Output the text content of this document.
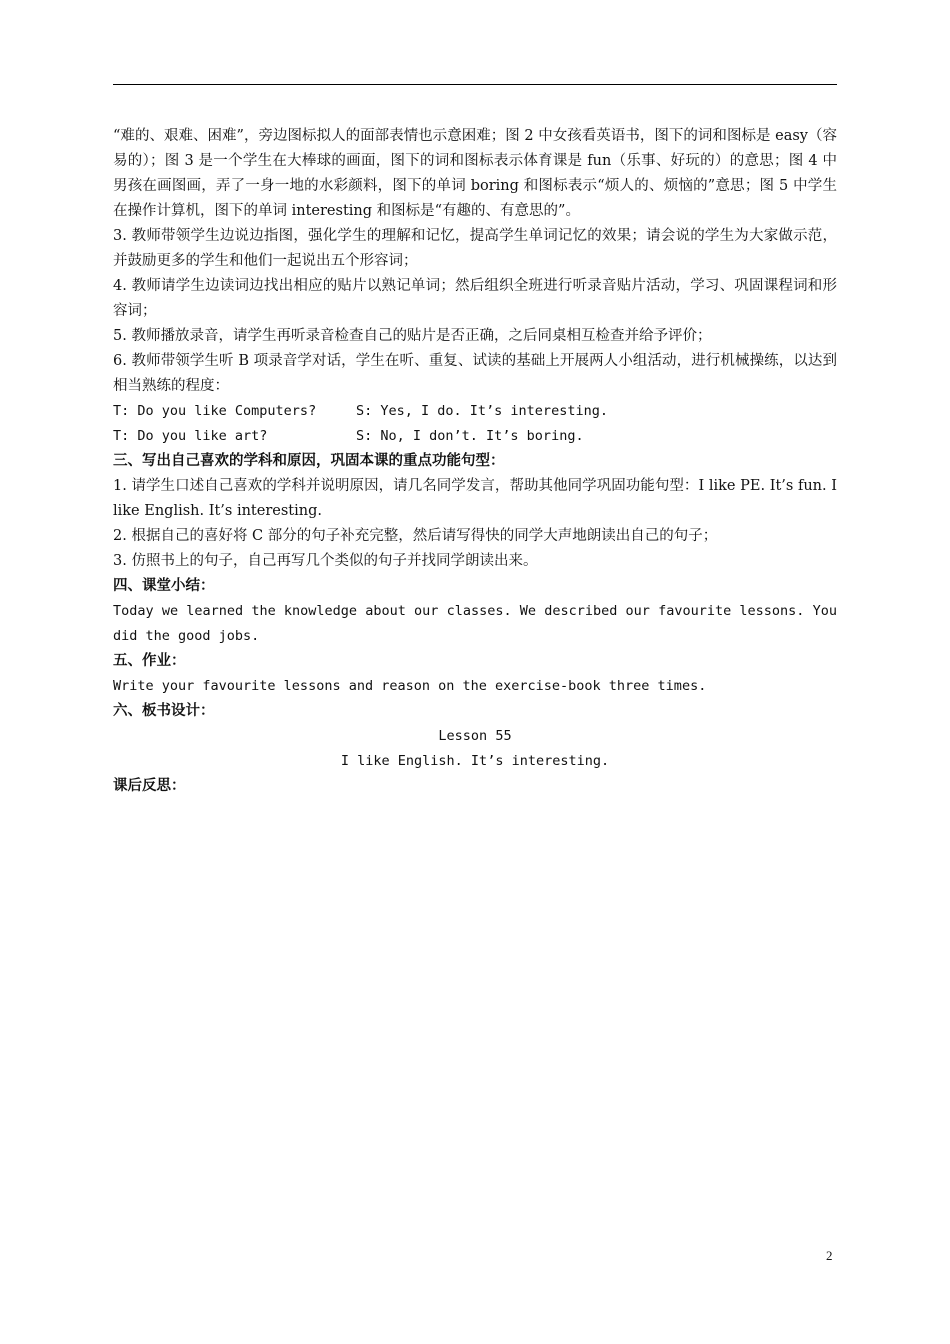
“难的、艰难、困难”，旁边图标拟人的面部表情也示意困难；图 2 中女孩看英语书，图下的词和图标是 easy（容易的）；图 3 是一个学生在大棒球的画面，图下的词和图标表示体育课是 fun（乐事、好玩的）的意思；图 4 中男孩在画图画，弄了一身一地的水彩颜料，图下的单词 boring 和图标表示“烦人的、烦恼的”意思；图 5 中学生在操作计算机，图下的单词 interesting 和图标是“有趣的、有意思的”。

3. 教师带领学生边说边指图，强化学生的理解和记忆，提高学生单词记忆的效果；请会说的学生为大家做示范，并鼓励更多的学生和他们一起说出五个形容词；

4. 教师请学生边读词边找出相应的贴片以熟记单词；然后组织全班进行听录音贴片活动，学习、巩固课程词和形容词；

5. 教师播放录音，请学生再听录音检查自己的贴片是否正确，之后同桌相互检查并给予评价；

6. 教师带领学生听 B 项录音学对话，学生在听、重复、试读的基础上开展两人小组活动，进行机械操练，以达到相当熟练的程度：

T: Do you like Computers?	S: Yes, I do. It’s interesting.
T: Do you like art?	S: No, I don’t. It’s boring.

三、写出自己喜欢的学科和原因，巩固本课的重点功能句型：

1. 请学生口述自己喜欢的学科并说明原因，请几名同学发言，帮助其他同学巩固功能句型：I like PE. It’s fun. I like English. It’s interesting.

2. 根据自己的喜好将 C 部分的句子补充完整，然后请写得快的同学大声地朗读出自己的句子；

3. 仿照书上的句子，自己再写几个类似的句子并找同学朗读出来。

四、课堂小结：

Today we learned the knowledge about our classes. We described our favourite lessons. You did the good jobs.

五、作业：

Write your favourite lessons and reason on the exercise-book three times.

六、板书设计：

Lesson 55
I like English. It’s interesting.

课后反思：

2
